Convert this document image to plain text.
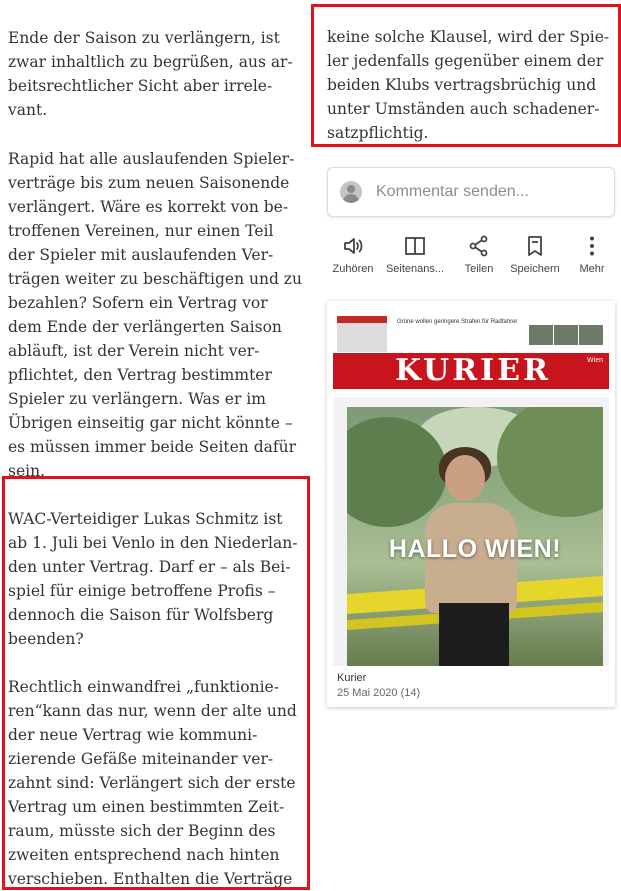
Ende der Saison zu verlängern, ist zwar inhaltlich zu begrüßen, aus arbeitsrechtlicher Sicht aber irrelevant.

Rapid hat alle auslaufenden Spielerverträge bis zum neuen Saisonende verlängert. Wäre es korrekt von betroffenen Vereinen, nur einen Teil der Spieler mit auslaufenden Verträgen weiter zu beschäftigen und zu bezahlen? Sofern ein Vertrag vor dem Ende der verlängerten Saison abläuft, ist der Verein nicht verpflichtet, den Vertrag bestimmter Spieler zu verlängern. Was er im Übrigen einseitig gar nicht könnte – es müssen immer beide Seiten dafür sein.

WAC-Verteidiger Lukas Schmitz ist ab 1. Juli bei Venlo in den Niederlanden unter Vertrag. Darf er – als Beispiel für einige betroffene Profis – dennoch die Saison für Wolfsberg beenden?

Rechtlich einwandfrei „funktionieren“kann das nur, wenn der alte und der neue Vertrag wie kommunizierende Gefäße miteinander verzahnt sind: Verlängert sich der erste Vertrag um einen bestimmten Zeitraum, müsste sich der Beginn des zweiten entsprechend nach hinten verschieben. Enthalten die Verträge

keine solche Klausel, wird der Spieler jedenfalls gegenüber einem der beiden Klubs vertragsbrüchig und unter Umständen auch schadenersatzpflichtig.

Kommentar senden...
Zuhören	Seitenans...	Teilen	Speichern	Mehr

Grüne wollen geringere Strafen für Radfahrer

KURIER	Wien
HALLO WIEN!
Kurier
25 Mai 2020 (14)
